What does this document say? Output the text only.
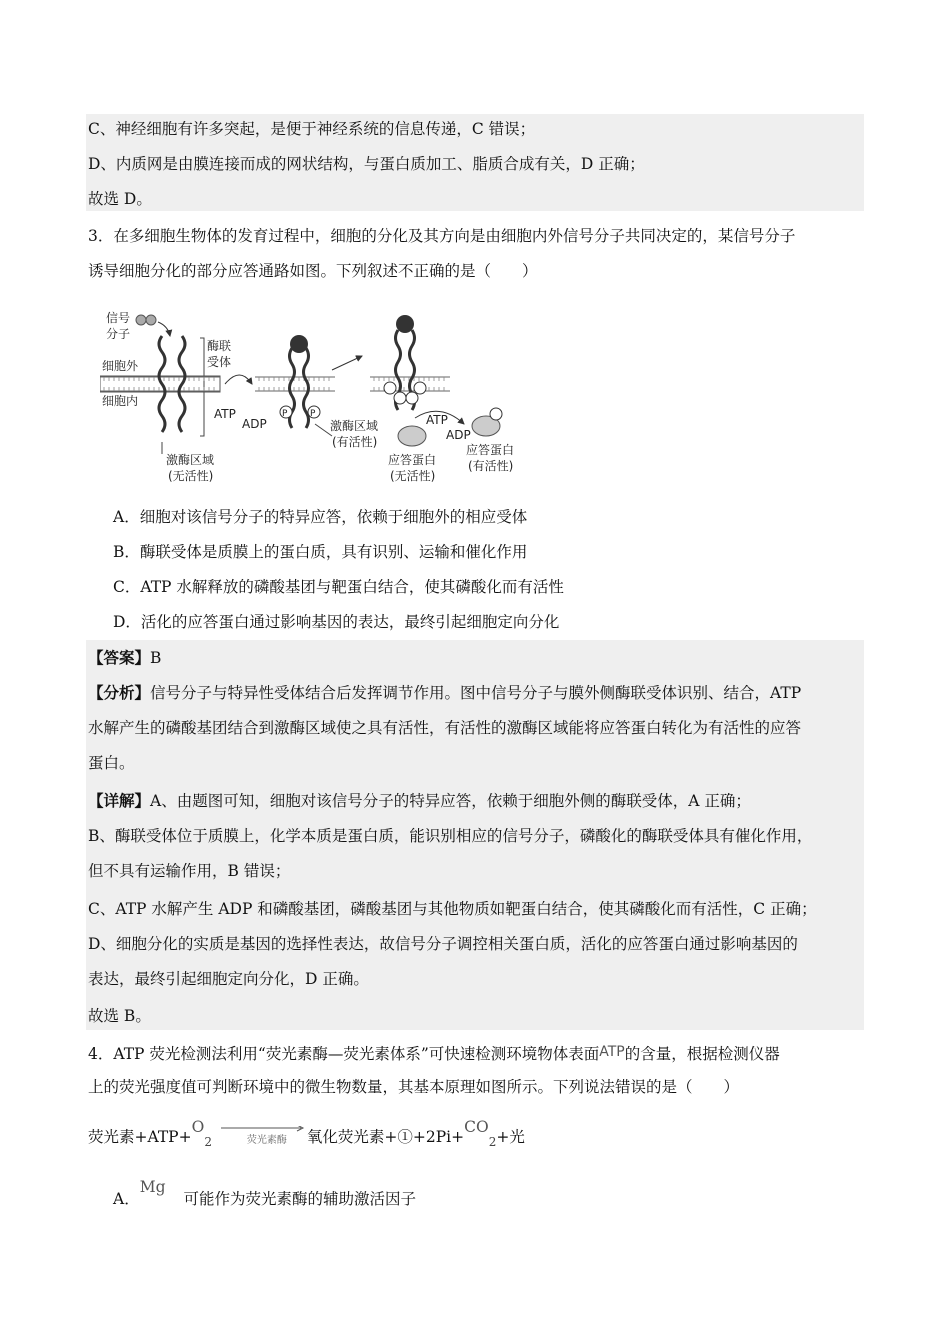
C、神经细胞有许多突起，是便于神经系统的信息传递，C 错误；
D、内质网是由膜连接而成的网状结构，与蛋白质加工、脂质合成有关，D 正确；
故选 D。
3．在多细胞生物体的发育过程中，细胞的分化及其方向是由细胞内外信号分子共同决定的，某信号分子
诱导细胞分化的部分应答通路如图。下列叙述不正确的是（　　）
信号
分子
酶联
受体
细胞外
细胞内
ATP
ADP
P	P
激酶区域
(有活性)
激酶区域
(无活性)
ATP
ADP
应答蛋白
(无活性)
应答蛋白
(有活性)
A．细胞对该信号分子的特异应答，依赖于细胞外的相应受体
B．酶联受体是质膜上的蛋白质，具有识别、运输和催化作用
C．ATP 水解释放的磷酸基团与靶蛋白结合，使其磷酸化而有活性
D．活化的应答蛋白通过影响基因的表达，最终引起细胞定向分化
【答案】B
【分析】信号分子与特异性受体结合后发挥调节作用。图中信号分子与膜外侧酶联受体识别、结合，ATP
水解产生的磷酸基团结合到激酶区域使之具有活性，有活性的激酶区域能将应答蛋白转化为有活性的应答
蛋白。
【详解】A、由题图可知，细胞对该信号分子的特异应答，依赖于细胞外侧的酶联受体，A 正确；
B、酶联受体位于质膜上，化学本质是蛋白质，能识别相应的信号分子，磷酸化的酶联受体具有催化作用，
但不具有运输作用，B 错误；
C、ATP 水解产生 ADP 和磷酸基团，磷酸基团与其他物质如靶蛋白结合，使其磷酸化而有活性，C 正确；
D、细胞分化的实质是基因的选择性表达，故信号分子调控相关蛋白质，活化的应答蛋白通过影响基因的
表达，最终引起细胞定向分化，D 正确。
故选 B。
4．ATP 荧光检测法利用“荧光素酶—荧光素体系”可快速检测环境物体表面ATP的含量，根据检测仪器
上的荧光强度值可判断环境中的微生物数量，其基本原理如图所示。下列说法错误的是（　　）
荧光素$+ATP+O_2$	荧光素酶 氧化荧光素$+①+2Pi+CO_2+$光
A．Mg可能作为荧光素酶的辅助激活因子
